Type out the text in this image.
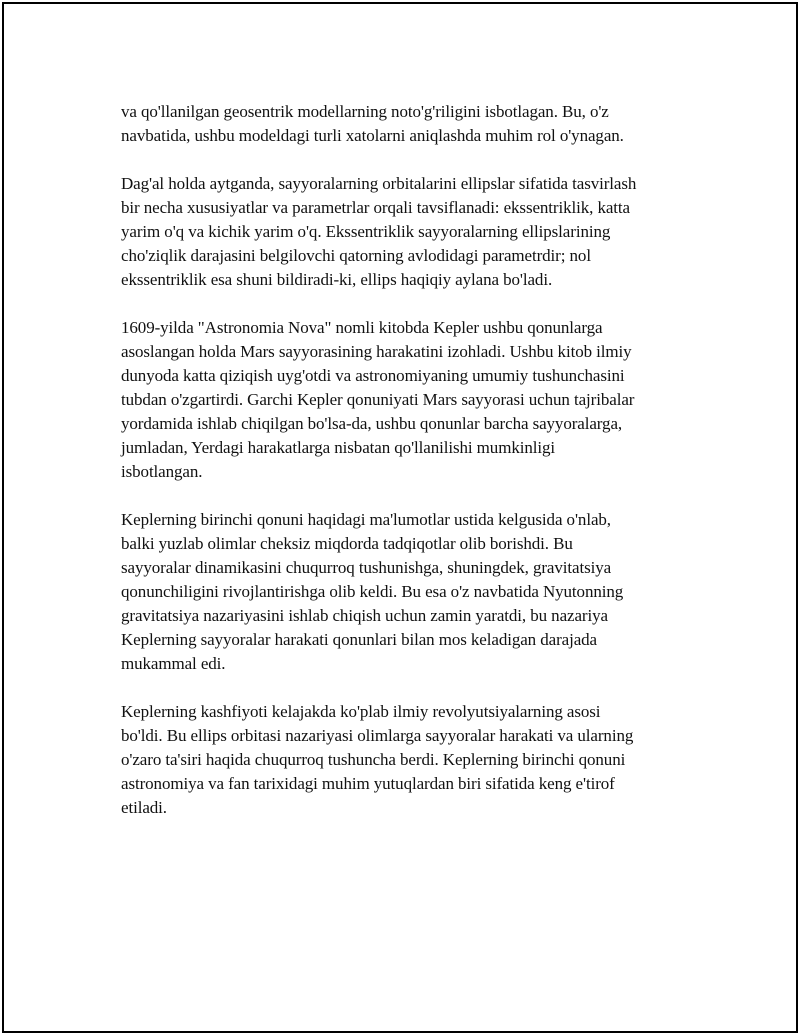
va qo'llanilgan geosentrik modellarning noto'g'riligini isbotlagan. Bu, o'z
navbatida, ushbu modeldagi turli xatolarni aniqlashda muhim rol o'ynagan.

Dag'al holda aytganda, sayyoralarning orbitalarini ellipslar sifatida tasvirlash
bir necha xususiyatlar va parametrlar orqali tavsiflanadi: ekssentriklik, katta
yarim o'q va kichik yarim o'q. Ekssentriklik sayyoralarning ellipslarining
cho'ziqlik darajasini belgilovchi qatorning avlodidagi parametrdir; nol
ekssentriklik esa shuni bildiradi-ki, ellips haqiqiy aylana bo'ladi.

1609-yilda "Astronomia Nova" nomli kitobda Kepler ushbu qonunlarga
asoslangan holda Mars sayyorasining harakatini izohladi. Ushbu kitob ilmiy
dunyoda katta qiziqish uyg'otdi va astronomiyaning umumiy tushunchasini
tubdan o'zgartirdi. Garchi Kepler qonuniyati Mars sayyorasi uchun tajribalar
yordamida ishlab chiqilgan bo'lsa-da, ushbu qonunlar barcha sayyoralarga,
jumladan, Yerdagi harakatlarga nisbatan qo'llanilishi mumkinligi
isbotlangan.

Keplerning birinchi qonuni haqidagi ma'lumotlar ustida kelgusida o'nlab,
balki yuzlab olimlar cheksiz miqdorda tadqiqotlar olib borishdi. Bu
sayyoralar dinamikasini chuqurroq tushunishga, shuningdek, gravitatsiya
qonunchiligini rivojlantirishga olib keldi. Bu esa o'z navbatida Nyutonning
gravitatsiya nazariyasini ishlab chiqish uchun zamin yaratdi, bu nazariya
Keplerning sayyoralar harakati qonunlari bilan mos keladigan darajada
mukammal edi.

Keplerning kashfiyoti kelajakda ko'plab ilmiy revolyutsiyalarning asosi
bo'ldi. Bu ellips orbitasi nazariyasi olimlarga sayyoralar harakati va ularning
o'zaro ta'siri haqida chuqurroq tushuncha berdi. Keplerning birinchi qonuni
astronomiya va fan tarixidagi muhim yutuqlardan biri sifatida keng e'tirof
etiladi.
